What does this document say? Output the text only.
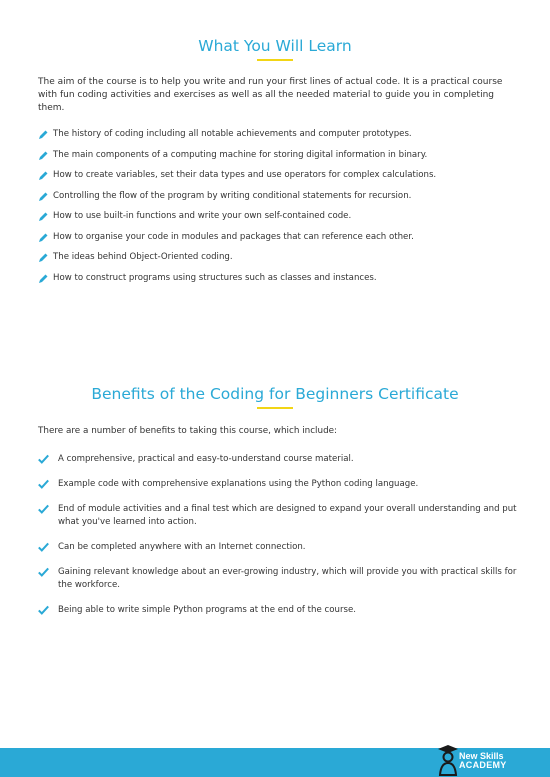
What You Will Learn

The aim of the course is to help you write and run your first lines of actual code. It is a practical course with fun coding activities and exercises as well as all the needed material to guide you in completing them.

The history of coding including all notable achievements and computer prototypes.
The main components of a computing machine for storing digital information in binary.
How to create variables, set their data types and use operators for complex calculations.
Controlling the flow of the program by writing conditional statements for recursion.
How to use built-in functions and write your own self-contained code.
How to organise your code in modules and packages that can reference each other.
The ideas behind Object-Oriented coding.
How to construct programs using structures such as classes and instances.
Benefits of the Coding for Beginners Certificate

There are a number of benefits to taking this course, which include:

A comprehensive, practical and easy-to-understand course material.
Example code with comprehensive explanations using the Python coding language.
End of module activities and a final test which are designed to expand your overall understanding and put what you've learned into action.
Can be completed anywhere with an Internet connection.
Gaining relevant knowledge about an ever-growing industry, which will provide you with practical skills for the workforce.
Being able to write simple Python programs at the end of the course.
New Skills
ACADEMY
